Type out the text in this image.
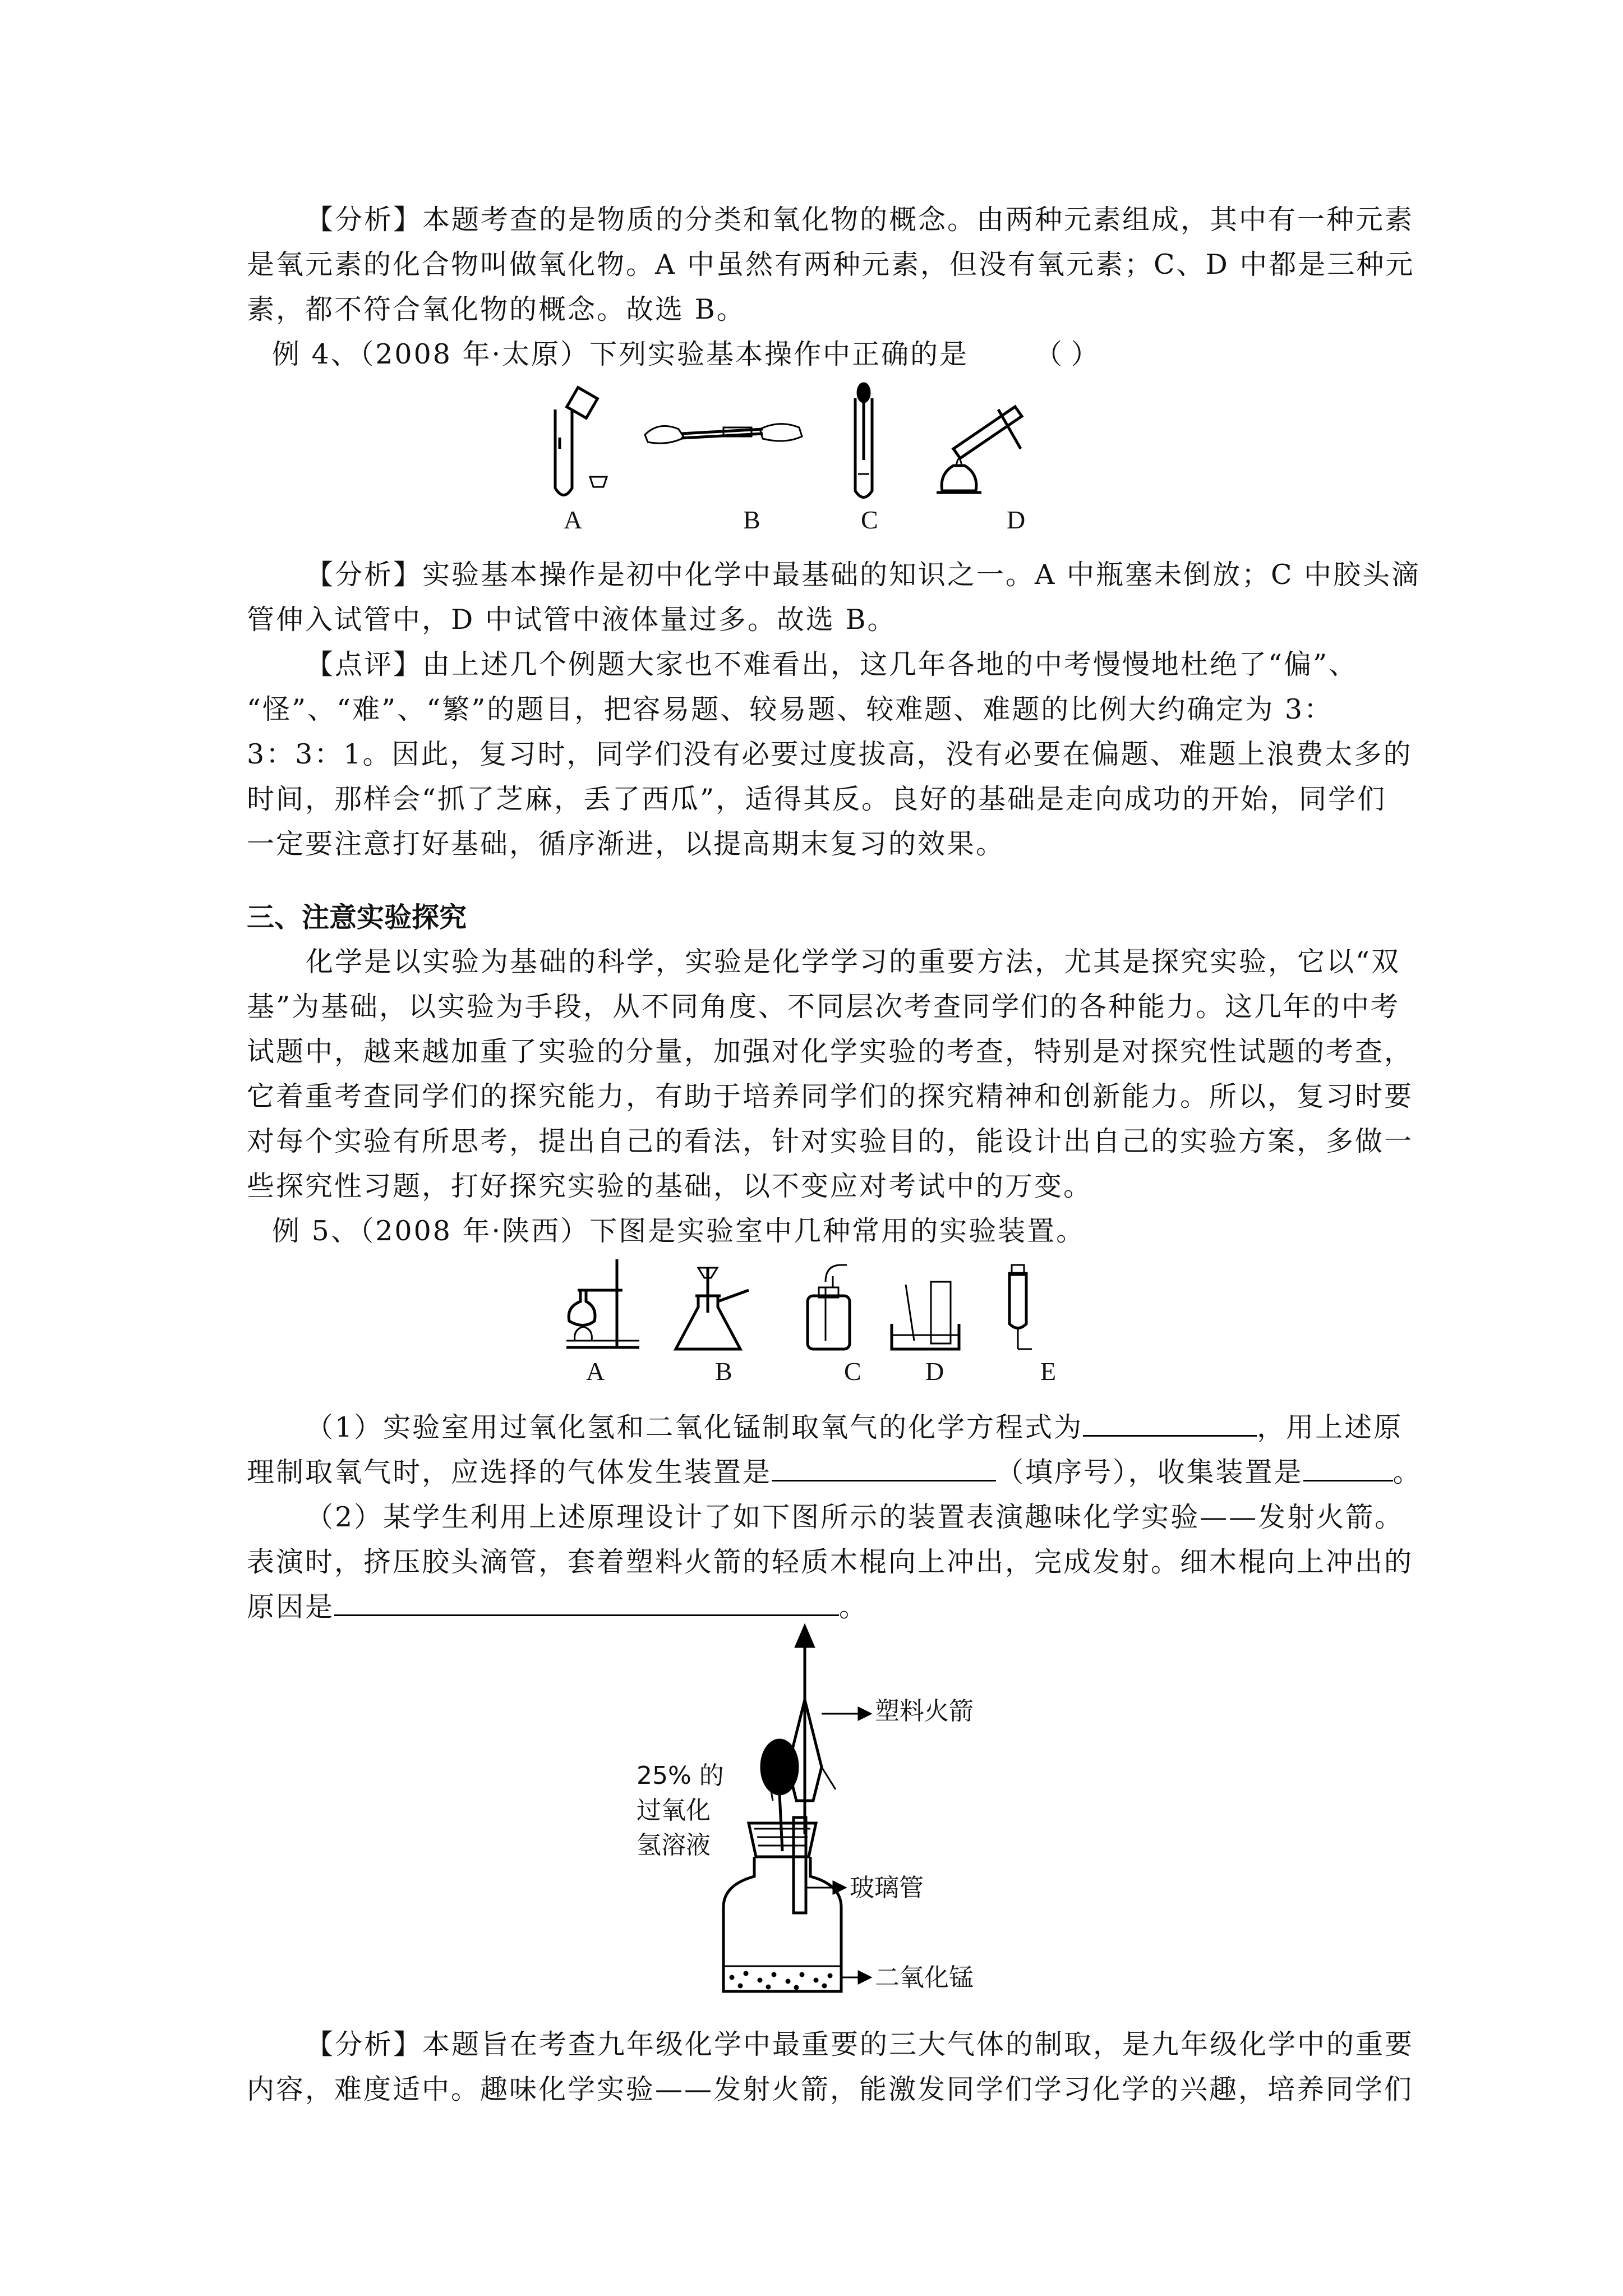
【分析】本题考查的是物质的分类和氧化物的概念。由两种元素组成，其中有一种元素
是氧元素的化合物叫做氧化物。A 中虽然有两种元素，但没有氧元素；C、D 中都是三种元
素，都不符合氧化物的概念。故选 B。
例 4、（2008 年·太原）下列实验基本操作中正确的是 （ ）
A	B	C	D
【分析】实验基本操作是初中化学中最基础的知识之一。A 中瓶塞未倒放；C 中胶头滴
管伸入试管中，D 中试管中液体量过多。故选 B。
【点评】由上述几个例题大家也不难看出，这几年各地的中考慢慢地杜绝了“偏”、
“怪”、“难”、“繁”的题目，把容易题、较易题、较难题、难题的比例大约确定为 3：
3：3：1。因此，复习时，同学们没有必要过度拔高，没有必要在偏题、难题上浪费太多的
时间，那样会“抓了芝麻，丢了西瓜”，适得其反。良好的基础是走向成功的开始，同学们
一定要注意打好基础，循序渐进，以提高期末复习的效果。
三、注意实验探究
化学是以实验为基础的科学，实验是化学学习的重要方法，尤其是探究实验，它以“双
基”为基础，以实验为手段，从不同角度、不同层次考查同学们的各种能力。这几年的中考
试题中，越来越加重了实验的分量，加强对化学实验的考查，特别是对探究性试题的考查，
它着重考查同学们的探究能力，有助于培养同学们的探究精神和创新能力。所以，复习时要
对每个实验有所思考，提出自己的看法，针对实验目的，能设计出自己的实验方案，多做一
些探究性习题，打好探究实验的基础，以不变应对考试中的万变。
例 5、（2008 年·陕西）下图是实验室中几种常用的实验装置。
A	B	C D	E
（1）实验室用过氧化氢和二氧化锰制取氧气的化学方程式为	，用上述原
理制取氧气时，应选择的气体发生装置是	（填序号），收集装置是	。
（2）某学生利用上述原理设计了如下图所示的装置表演趣味化学实验——发射火箭。
表演时，挤压胶头滴管，套着塑料火箭的轻质木棍向上冲出，完成发射。细木棍向上冲出的
原因是	。
塑料火箭
25% 的
过氧化
氢溶液
玻璃管
二氧化锰
【分析】本题旨在考查九年级化学中最重要的三大气体的制取，是九年级化学中的重要
内容，难度适中。趣味化学实验——发射火箭，能激发同学们学习化学的兴趣，培养同学们
